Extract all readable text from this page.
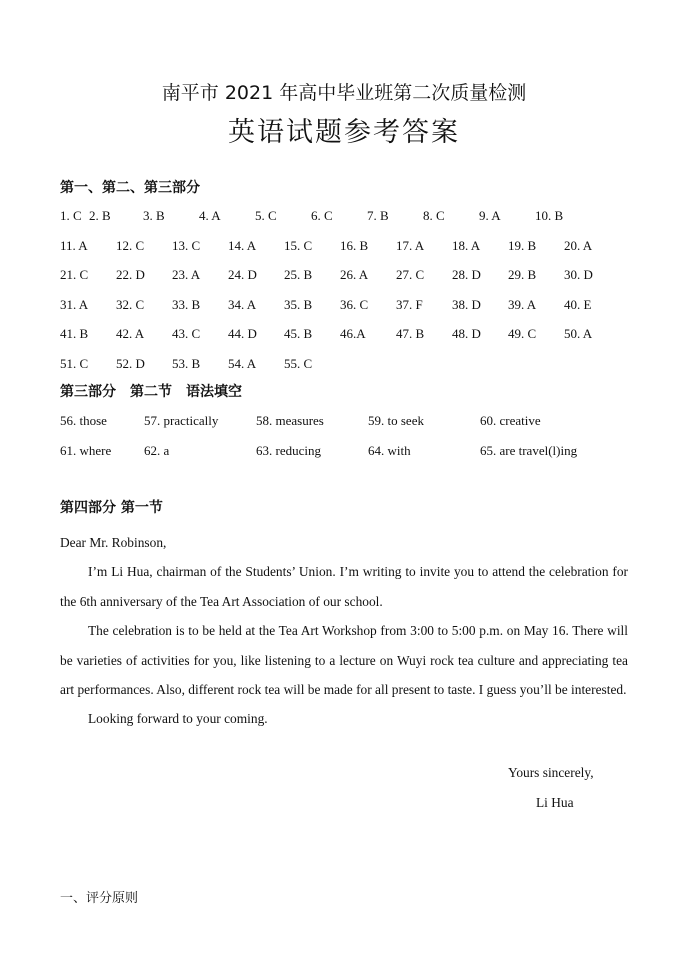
南平市 2021 年高中毕业班第二次质量检测
英语试题参考答案
第一、第二、第三部分
1. C 2. B 3. B	4. A	5. C	6. C	7. B	8. C	9. A	10. B
11. A 12. C 13. C 14. A 15. C 16. B 17. A 18. A 19. B 20. A
21. C 22. D 23. A 24. D 25. B 26. A 27. C 28. D 29. B 30. D
31. A 32. C 33. B 34. A 35. B 36. C 37. F 38. D 39. A 40. E
41. B 42. A 43. C 44. D 45. B 46.A 47. B 48. D 49. C 50. A
51. C 52. D 53. B 54. A 55. C
第三部分　第二节　语法填空
56. those	57. practically	58. measures	59. to seek	60. creative
61. where	62. a	63. reducing	64. with	65. are travel(l)ing
第四部分 第一节

Dear Mr. Robinson,

I’m Li Hua, chairman of the Students’ Union. I’m writing to invite you to attend the celebration for the 6th anniversary of the Tea Art Association of our school.

The celebration is to be held at the Tea Art Workshop from 3:00 to 5:00 p.m. on May 16. There will be varieties of activities for you, like listening to a lecture on Wuyi rock tea culture and appreciating tea art performances. Also, different rock tea will be made for all present to taste. I guess you’ll be interested.

Looking forward to your coming.

Yours sincerely,
Li Hua
一、评分原则
